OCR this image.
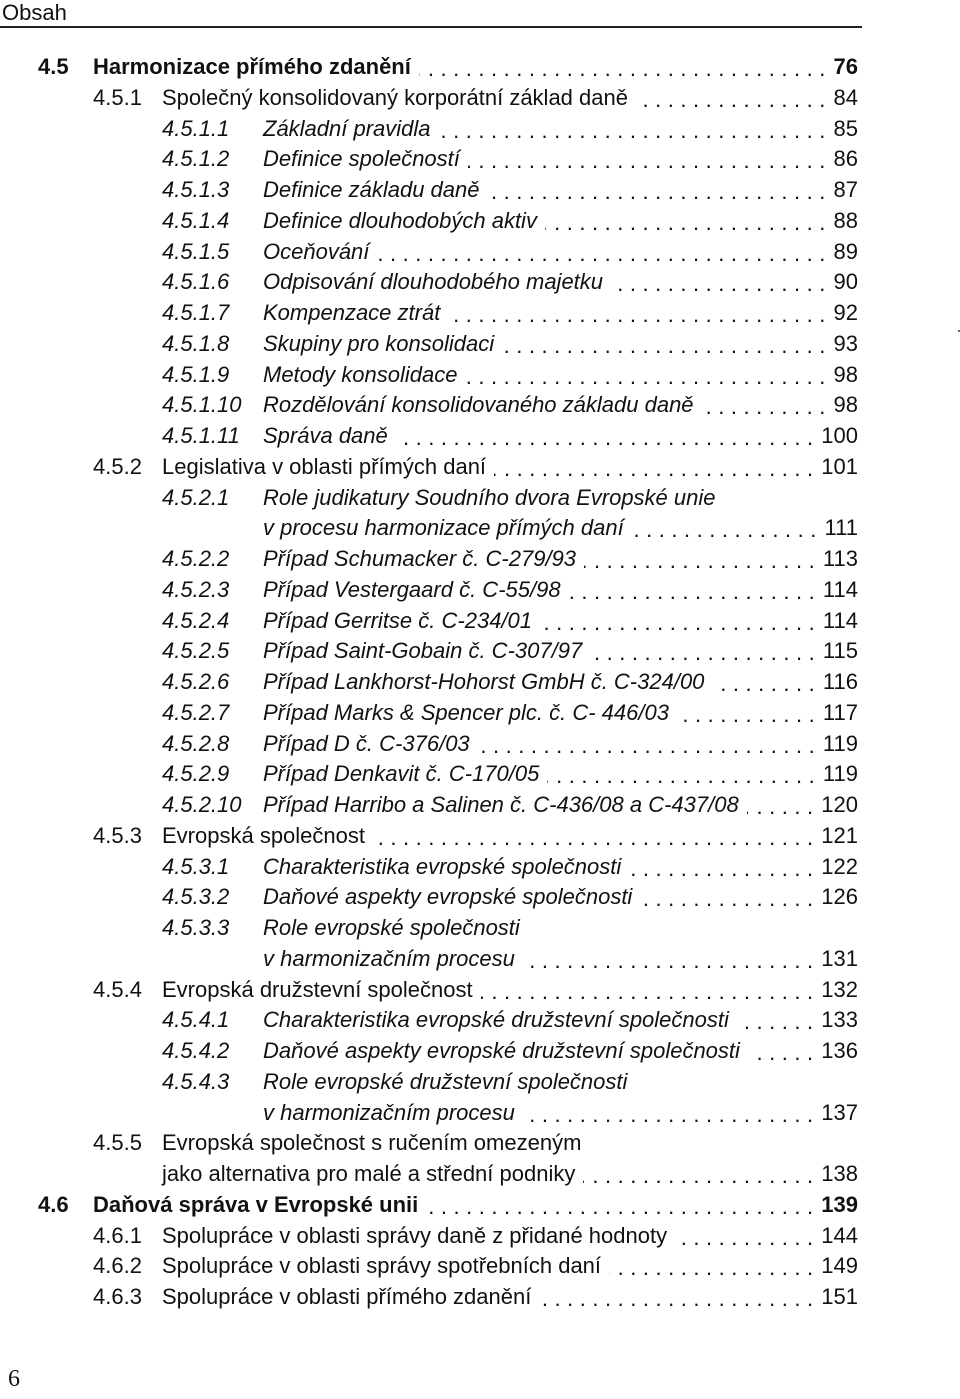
Obsah
4.5 Harmonizace přímého zdanění . . .	76
4.5.1 Společný konsolidovaný korporátní základ daně . . .	84
4.5.1.1 Základní pravidla . . .	85
4.5.1.2 Definice společností . . .	86
4.5.1.3 Definice základu daně . . .	87
4.5.1.4 Definice dlouhodobých aktiv . . .	88
4.5.1.5 Oceňování . . .	89
4.5.1.6 Odpisování dlouhodobého majetku . . .	90
4.5.1.7 Kompenzace ztrát . . .	92
4.5.1.8 Skupiny pro konsolidaci . . .	93
4.5.1.9 Metody konsolidace . . .	98
4.5.1.10 Rozdělování konsolidovaného základu daně . . .	98
4.5.1.11 Správa daně . . .	100
4.5.2 Legislativa v oblasti přímých daní . . .	101
4.5.2.1 Role judikatury Soudního dvora Evropské unie
v procesu harmonizace přímých daní . . .	111
4.5.2.2 Případ Schumacker č. C-279/93 . . .	113
4.5.2.3 Případ Vestergaard č. C-55/98 . . .	114
4.5.2.4 Případ Gerritse č. C-234/01 . . .	114
4.5.2.5 Případ Saint-Gobain č. C-307/97 . . .	115
4.5.2.6 Případ Lankhorst-Hohorst GmbH č. C-324/00 . . .	116
4.5.2.7 Případ Marks & Spencer plc. č. C- 446/03 . . .	117
4.5.2.8 Případ D č. C-376/03 . . .	119
4.5.2.9 Případ Denkavit č. C-170/05 . . .	119
4.5.2.10 Případ Harribo a Salinen č. C-436/08 a C-437/08 . . .	120
4.5.3 Evropská společnost . . .	121
4.5.3.1 Charakteristika evropské společnosti . . .	122
4.5.3.2 Daňové aspekty evropské společnosti . . .	126
4.5.3.3 Role evropské společnosti
v harmonizačním procesu . . .	131
4.5.4 Evropská družstevní společnost . . .	132
4.5.4.1 Charakteristika evropské družstevní společnosti . . .	133
4.5.4.2 Daňové aspekty evropské družstevní společnosti . . .	136
4.5.4.3 Role evropské družstevní společnosti
v harmonizačním procesu . . .	137
4.5.5 Evropská společnost s ručením omezeným
jako alternativa pro malé a střední podniky . . .	138
4.6 Daňová správa v Evropské unii . . .	139
4.6.1 Spolupráce v oblasti správy daně z přidané hodnoty . . .	144
4.6.2 Spolupráce v oblasti správy spotřebních daní . . .	149
4.6.3 Spolupráce v oblasti přímého zdanění . . .	151
6
